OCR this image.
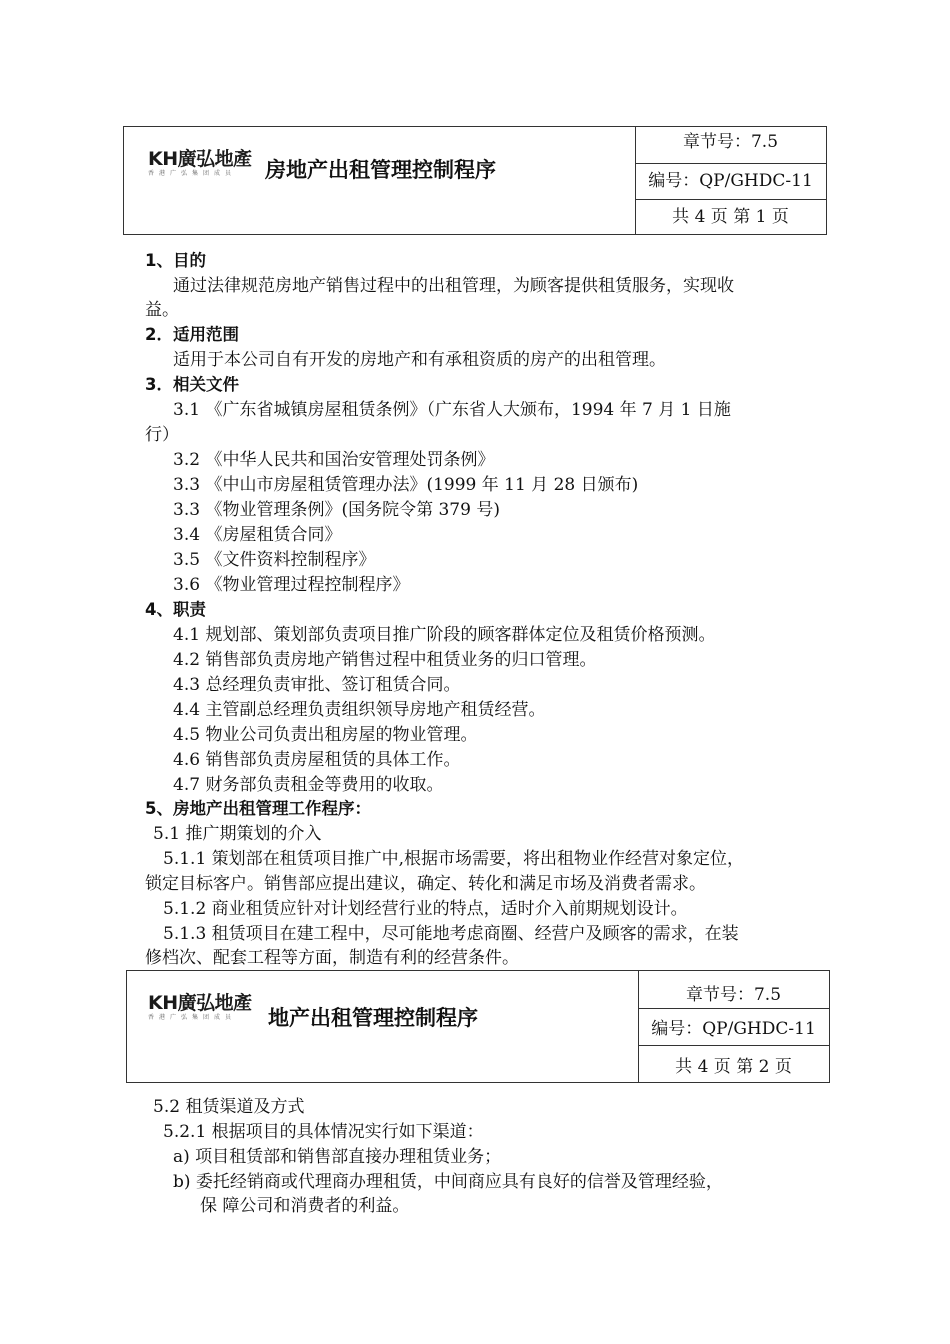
KH廣弘地產
香港广弘集团成员 房地产出租管理控制程序
章节号：7.5
编号：QP/GHDC-11
共 4 页 第 1 页
1、目的
通过法律规范房地产销售过程中的出租管理，为顾客提供租赁服务，实现收
益。
2．适用范围
适用于本公司自有开发的房地产和有承租资质的房产的出租管理。
3．相关文件
3.1 《广东省城镇房屋租赁条例》（广东省人大颁布，1994 年 7 月 1 日施
行）
3.2 《中华人民共和国治安管理处罚条例》
3.3 《中山市房屋租赁管理办法》(1999 年 11 月 28 日颁布)
3.3 《物业管理条例》(国务院令第 379 号)
3.4 《房屋租赁合同》
3.5 《文件资料控制程序》
3.6 《物业管理过程控制程序》
4、职责
4.1 规划部、策划部负责项目推广阶段的顾客群体定位及租赁价格预测。
4.2 销售部负责房地产销售过程中租赁业务的归口管理。
4.3 总经理负责审批、签订租赁合同。
4.4 主管副总经理负责组织领导房地产租赁经营。
4.5 物业公司负责出租房屋的物业管理。
4.6 销售部负责房屋租赁的具体工作。
4.7 财务部负责租金等费用的收取。
5、房地产出租管理工作程序：
5.1 推广期策划的介入
5.1.1 策划部在租赁项目推广中,根据市场需要，将出租物业作经营对象定位，
锁定目标客户。销售部应提出建议，确定、转化和满足市场及消费者需求。
5.1.2 商业租赁应针对计划经营行业的特点，适时介入前期规划设计。
5.1.3 租赁项目在建工程中，尽可能地考虑商圈、经营户及顾客的需求，在装
修档次、配套工程等方面，制造有利的经营条件。
KH廣弘地產
香港广弘集团成员 地产出租管理控制程序
章节号：7.5
编号：QP/GHDC-11
共 4 页 第 2 页
5.2 租赁渠道及方式
5.2.1 根据项目的具体情况实行如下渠道：
a) 项目租赁部和销售部直接办理租赁业务；
b) 委托经销商或代理商办理租赁，中间商应具有良好的信誉及管理经验，
保 障公司和消费者的利益。
